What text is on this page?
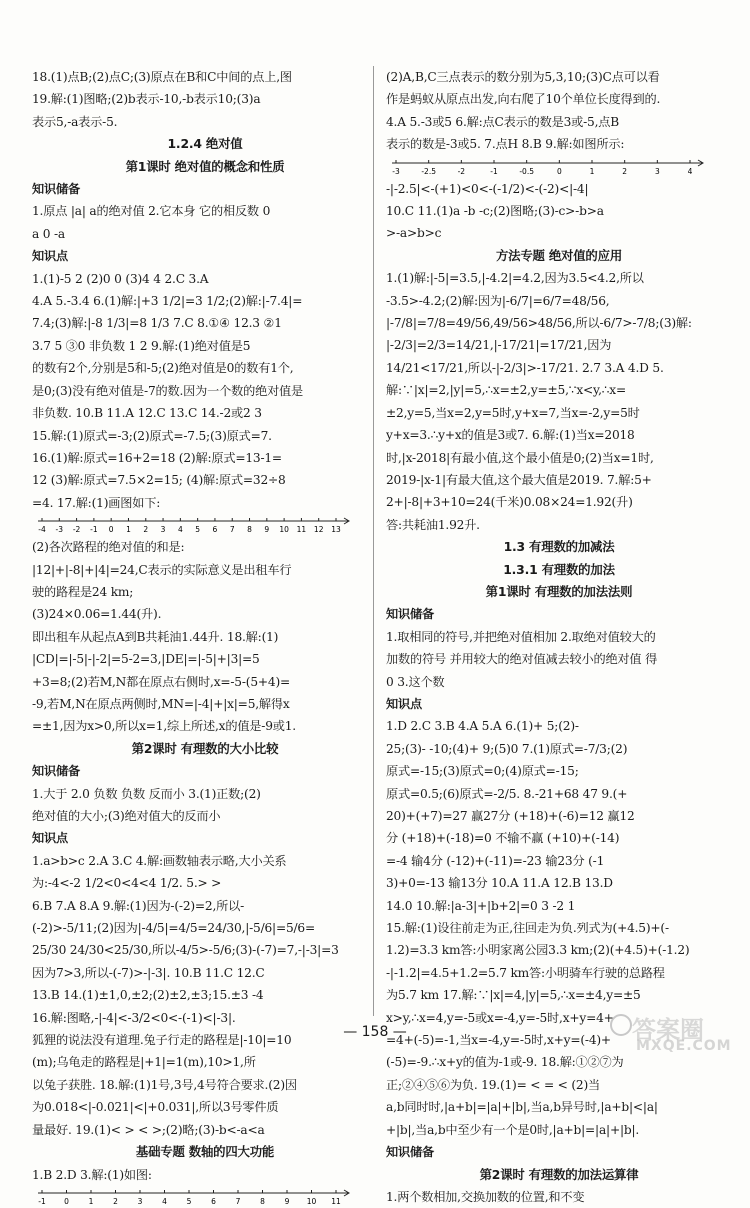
18.(1)点B;(2)点C;(3)原点在B和C中间的点上,图
19.解:(1)图略;(2)b表示-10,-b表示10;(3)a
表示5,-a表示-5.
1.2.4 绝对值
第1课时 绝对值的概念和性质
知识储备
1.原点 |a| a的绝对值 2.它本身 它的相反数 0
a 0 -a
知识点
1.(1)-5 2 (2)0 0 (3)4 4 2.C 3.A
4.A 5.-3.4 6.(1)解:|+3 1/2|=3 1/2;(2)解:|-7.4|=
7.4;(3)解:|-8 1/3|=8 1/3 7.C 8.①④ 12.3 ②1
3.7 5 ③0 非负数 1 2 9.解:(1)绝对值是5
的数有2个,分别是5和-5;(2)绝对值是0的数有1个,
是0;(3)没有绝对值是-7的数.因为一个数的绝对值是
非负数. 10.B 11.A 12.C 13.C 14.-2或2 3
15.解:(1)原式=-3;(2)原式=-7.5;(3)原式=7.
16.(1)解:原式=16+2=18 (2)解:原式=13-1=
12 (3)解:原式=7.5×2=15; (4)解:原式=32÷8
=4. 17.解:(1)画图如下:
-4 -3 -2 -1 0 1 2 3 4 5 6 7 8 9 10 11 12 13
(2)各次路程的绝对值的和是:
|12|+|-8|+|4|=24,C表示的实际意义是出租车行
驶的路程是24 km;
(3)24×0.06=1.44(升).
即出租车从起点A到B共耗油1.44升. 18.解:(1)
|CD|=|-5|-|-2|=5-2=3,|DE|=|-5|+|3|=5
+3=8;(2)若M,N都在原点右侧时,x=-5-(5+4)=
-9,若M,N在原点两侧时,MN=|-4|+|x|=5,解得x
=±1,因为x>0,所以x=1,综上所述,x的值是-9或1.
第2课时 有理数的大小比较
知识储备
1.大于 2.0 负数 负数 反而小 3.(1)正数;(2)
绝对值的大小;(3)绝对值大的反而小
知识点
1.a>b>c 2.A 3.C 4.解:画数轴表示略,大小关系
为:-4<-2 1/2<0<4<4 1/2. 5.> >
6.B 7.A 8.A 9.解:(1)因为-(-2)=2,所以-
(-2)>-5/11;(2)因为|-4/5|=4/5=24/30,|-5/6|=5/6=
25/30 24/30<25/30,所以-4/5>-5/6;(3)-(-7)=7,-|-3|=3
因为7>3,所以-(-7)>-|-3|. 10.B 11.C 12.C
13.B 14.(1)±1,0,±2;(2)±2,±3;15.±3 -4
16.解:图略,-|-4|<-3/2<0<-(-1)<|-3|.
狐狸的说法没有道理.兔子行走的路程是|-10|=10
(m);乌龟走的路程是|+1|=1(m),10>1,所
以兔子获胜. 18.解:(1)1号,3号,4号符合要求.(2)因
为0.018<|-0.021|<|+0.031|,所以3号零件质
量最好. 19.(1)< > < >;(2)略;(3)-b<-a<a
基础专题 数轴的四大功能
1.B 2.D 3.解:(1)如图:
-1 0	1	2	3	4	5	6	7	8	9 10 11
(2)A,B,C三点表示的数分别为5,3,10;(3)C点可以看
作是蚂蚁从原点出发,向右爬了10个单位长度得到的.
4.A 5.-3或5 6.解:点C表示的数是3或-5,点B
表示的数是-3或5. 7.点H 8.B 9.解:如图所示:
-3	-2.5	-2	-1	-0.5	0	1	2	3	4
-|-2.5|<-(+1)<0<-(-1/2)<-(-2)<|-4|
10.C 11.(1)a -b -c;(2)图略;(3)-c>-b>a
>-a>b>c
方法专题 绝对值的应用
1.(1)解:|-5|=3.5,|-4.2|=4.2,因为3.5<4.2,所以
-3.5>-4.2;(2)解:因为|-6/7|=6/7=48/56,
|-7/8|=7/8=49/56,49/56>48/56,所以-6/7>-7/8;(3)解:
|-2/3|=2/3=14/21,|-17/21|=17/21,因为
14/21<17/21,所以-|-2/3|>-17/21. 2.7 3.A 4.D 5.
解:∵|x|=2,|y|=5,∴x=±2,y=±5,∵x<y,∴x=
±2,y=5,当x=2,y=5时,y+x=7,当x=-2,y=5时
y+x=3.∴y+x的值是3或7. 6.解:(1)当x=2018
时,|x-2018|有最小值,这个最小值是0;(2)当x=1时,
2019-|x-1|有最大值,这个最大值是2019. 7.解:5+
2+|-8|+3+10=24(千米)0.08×24=1.92(升)
答:共耗油1.92升.
1.3 有理数的加减法
1.3.1 有理数的加法
第1课时 有理数的加法法则
知识储备
1.取相同的符号,并把绝对值相加 2.取绝对值较大的
加数的符号 并用较大的绝对值减去较小的绝对值 得
0 3.这个数
知识点
1.D 2.C 3.B 4.A 5.A 6.(1)+ 5;(2)-
25;(3)- -10;(4)+ 9;(5)0 7.(1)原式=-7/3;(2)
原式=-15;(3)原式=0;(4)原式=-15;
原式=0.5;(6)原式=-2/5. 8.-21+68 47 9.(+
20)+(+7)=27 赢27分 (+18)+(-6)=12 赢12
分 (+18)+(-18)=0 不输不赢 (+10)+(-14)
=-4 输4分 (-12)+(-11)=-23 输23分 (-1
3)+0=-13 输13分 10.A 11.A 12.B 13.D
14.0 10.解:|a-3|+|b+2|=0 3 -2 1
15.解:(1)设往前走为正,往回走为负.列式为(+4.5)+(-
1.2)=3.3 km答:小明家离公园3.3 km;(2)(+4.5)+(-1.2)
-|-1.2|=4.5+1.2=5.7 km答:小明骑车行驶的总路程
为5.7 km 17.解:∵|x|=4,|y|=5,∴x=±4,y=±5
x>y,∴x=4,y=-5或x=-4,y=-5时,x+y=4+
=4+(-5)=-1,当x=-4,y=-5时,x+y=(-4)+
(-5)=-9.∴x+y的值为-1或-9. 18.解:①②⑦为
正;②④⑤⑥为负. 19.(1)= < = < (2)当
a,b同时时,|a+b|=|a|+|b|,当a,b异号时,|a+b|<|a|
+|b|,当a,b中至少有一个是0时,|a+b|=|a|+|b|.
知识储备
第2课时 有理数的加法运算律
1.两个数相加,交换加数的位置,和不变
— 158 —	答案圈
MXQE.COM
